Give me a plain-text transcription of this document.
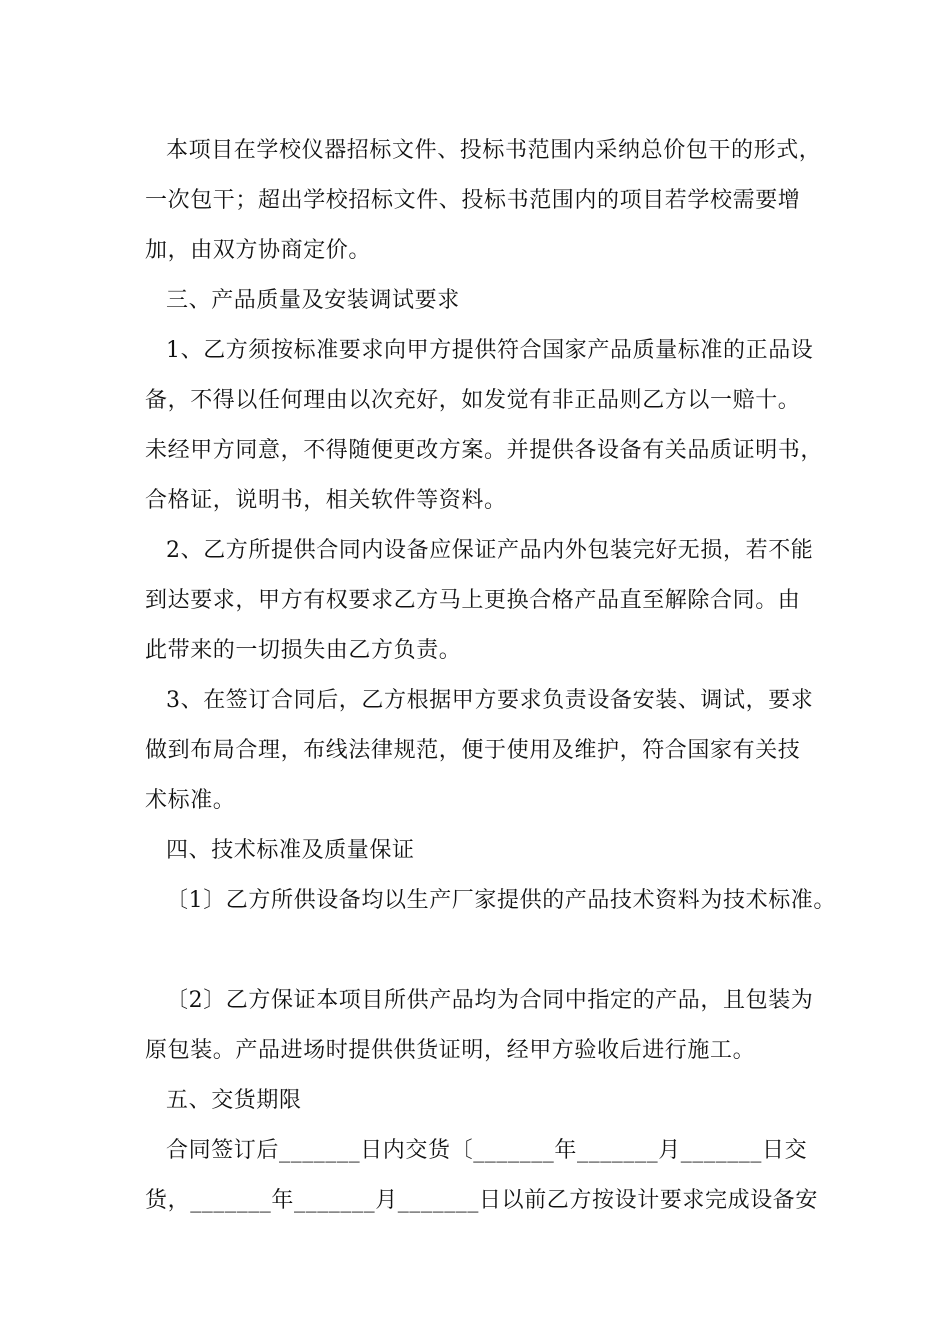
本项目在学校仪器招标文件、投标书范围内采纳总价包干的形式，
一次包干；超出学校招标文件、投标书范围内的项目若学校需要增
加，由双方协商定价。
三、产品质量及安装调试要求
1、乙方须按标准要求向甲方提供符合国家产品质量标准的正品设
备，不得以任何理由以次充好，如发觉有非正品则乙方以一赔十。
未经甲方同意，不得随便更改方案。并提供各设备有关品质证明书，
合格证，说明书，相关软件等资料。
2、乙方所提供合同内设备应保证产品内外包装完好无损，若不能
到达要求，甲方有权要求乙方马上更换合格产品直至解除合同。由
此带来的一切损失由乙方负责。
3、在签订合同后，乙方根据甲方要求负责设备安装、调试，要求
做到布局合理，布线法律规范，便于使用及维护，符合国家有关技
术标准。
四、技术标准及质量保证
〔1〕乙方所供设备均以生产厂家提供的产品技术资料为技术标准。
〔2〕乙方保证本项目所供产品均为合同中指定的产品，且包装为
原包装。产品进场时提供供货证明，经甲方验收后进行施工。
五、交货期限
合同签订后_______日内交货〔_______年_______月_______日交
货，_______年_______月_______日以前乙方按设计要求完成设备安
